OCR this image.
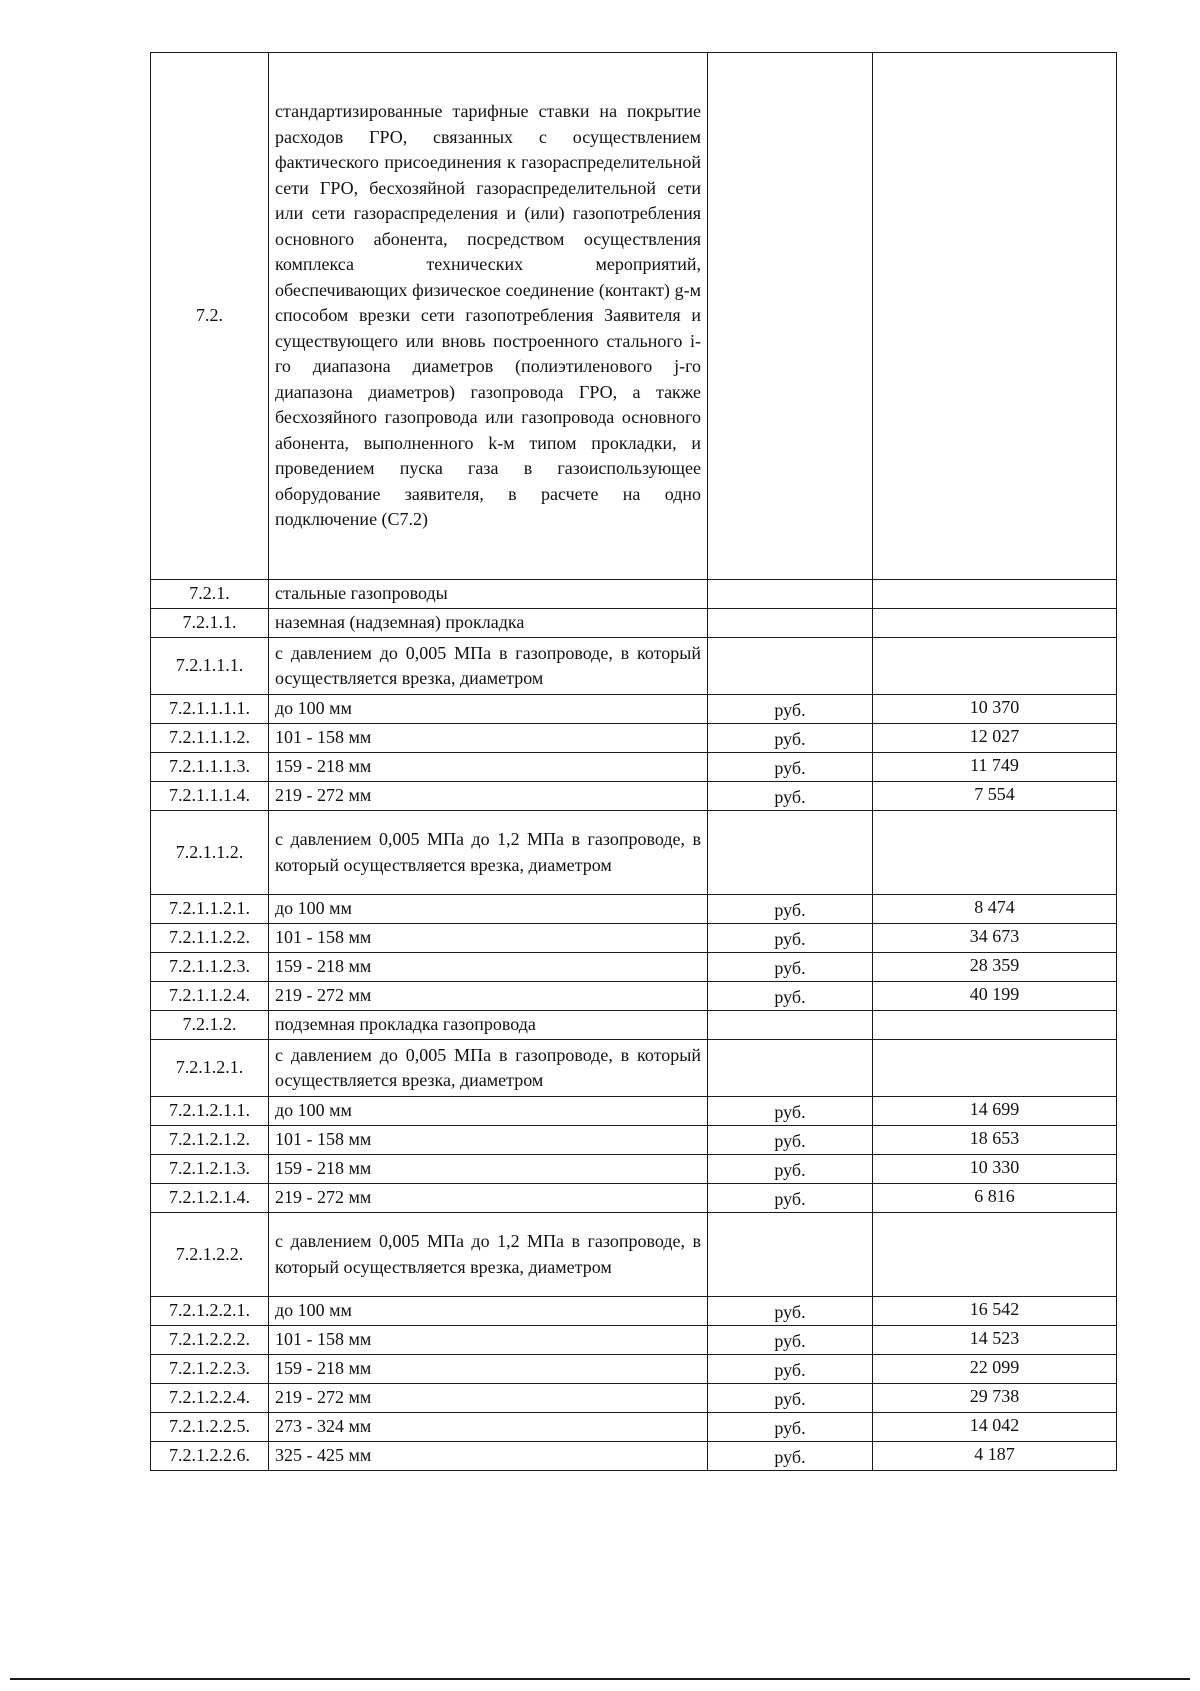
7.2.	стандартизированные тарифные ставки на покрытие расходов ГРО, связанных с осуществлением фактического присоединения к газораспределительной сети ГРО, бесхозяйной газораспределительной сети или сети газораспределения и (или) газопотребления основного абонента, посредством осуществления комплекса технических мероприятий, обеспечивающих физическое соединение (контакт) g-м способом врезки сети газопотребления Заявителя и существующего или вновь построенного стального i-го диапазона диаметров (полиэтиленового j-го диапазона диаметров) газопровода ГРО, а также бесхозяйного газопровода или газопровода основного абонента, выполненного k-м типом прокладки, и проведением пуска газа в газоиспользующее оборудование заявителя, в расчете на одно подключение (С7.2)		
7.2.1.	стальные газопроводы		
7.2.1.1.	наземная (надземная) прокладка		
7.2.1.1.1.	с давлением до 0,005 МПа в газопроводе, в который осуществляется врезка, диаметром		
7.2.1.1.1.1.	до 100 мм	руб.	10 370
7.2.1.1.1.2.	101 - 158 мм	руб.	12 027
7.2.1.1.1.3.	159 - 218 мм	руб.	11 749
7.2.1.1.1.4.	219 - 272 мм	руб.	7 554
7.2.1.1.2.	с давлением 0,005 МПа до 1,2 МПа в газопроводе, в который осуществляется врезка, диаметром		
7.2.1.1.2.1.	до 100 мм	руб.	8 474
7.2.1.1.2.2.	101 - 158 мм	руб.	34 673
7.2.1.1.2.3.	159 - 218 мм	руб.	28 359
7.2.1.1.2.4.	219 - 272 мм	руб.	40 199
7.2.1.2.	подземная прокладка газопровода		
7.2.1.2.1.	с давлением до 0,005 МПа в газопроводе, в который осуществляется врезка, диаметром		
7.2.1.2.1.1.	до 100 мм	руб.	14 699
7.2.1.2.1.2.	101 - 158 мм	руб.	18 653
7.2.1.2.1.3.	159 - 218 мм	руб.	10 330
7.2.1.2.1.4.	219 - 272 мм	руб.	6 816
7.2.1.2.2.	с давлением 0,005 МПа до 1,2 МПа в газопроводе, в который осуществляется врезка, диаметром		
7.2.1.2.2.1.	до 100 мм	руб.	16 542
7.2.1.2.2.2.	101 - 158 мм	руб.	14 523
7.2.1.2.2.3.	159 - 218 мм	руб.	22 099
7.2.1.2.2.4.	219 - 272 мм	руб.	29 738
7.2.1.2.2.5.	273 - 324 мм	руб.	14 042
7.2.1.2.2.6.	325 - 425 мм	руб.	4 187
